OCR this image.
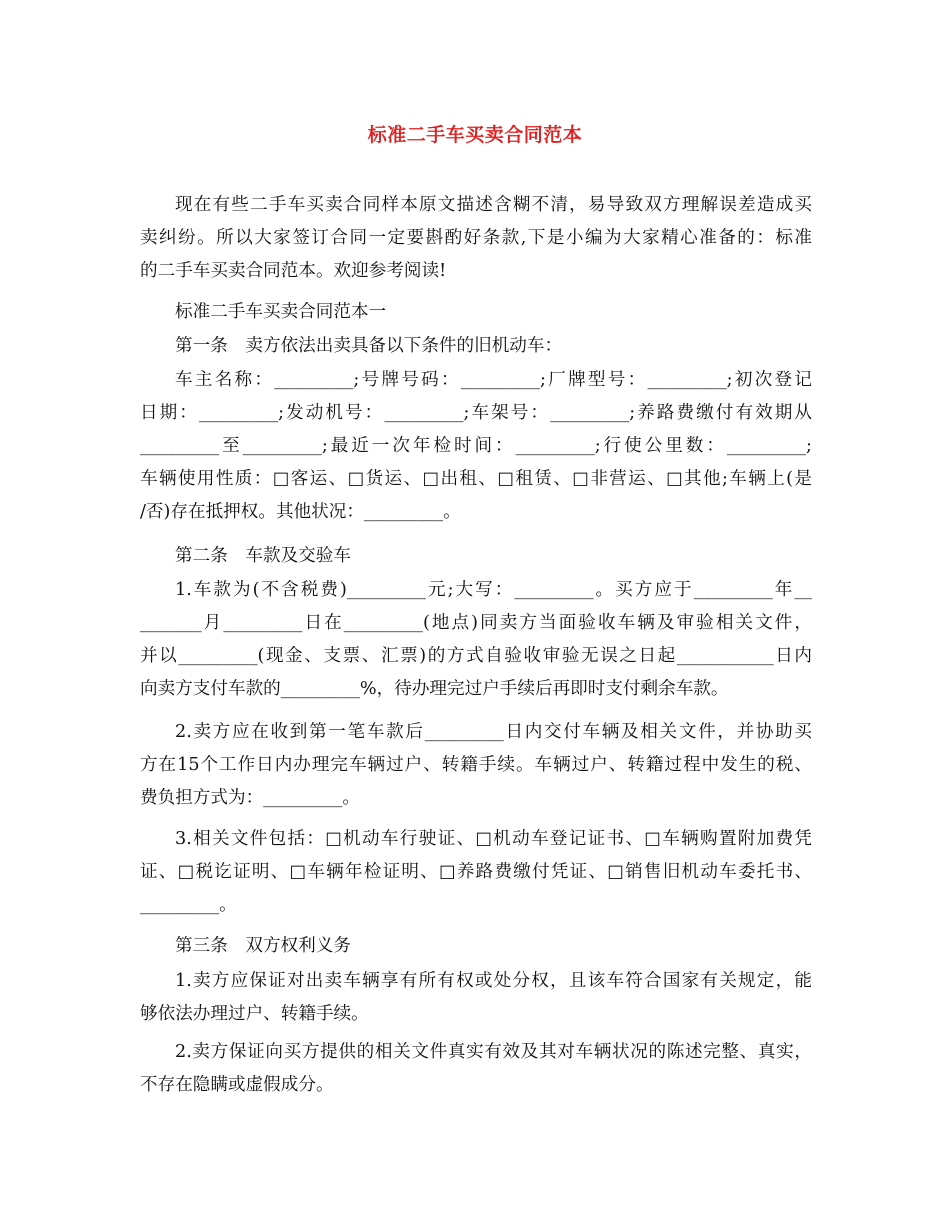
标准二手车买卖合同范本
现在有些二手车买卖合同样本原文描述含糊不清，易导致双方理解误差造成买
卖纠纷。所以大家签订合同一定要斟酌好条款,下是小编为大家精心准备的：标准
的二手车买卖合同范本。欢迎参考阅读!
标准二手车买卖合同范本一
第一条　卖方依法出卖具备以下条件的旧机动车：
车主名称：_________;号牌号码：_________;厂牌型号：_________;初次登记
日期：_________;发动机号：_________;车架号：_________;养路费缴付有效期从
_________至_________;最近一次年检时间：_________;行使公里数：_________;
车辆使用性质：□客运、□货运、□出租、□租赁、□非营运、□其他;车辆上(是
/否)存在抵押权。其他状况：_________。
第二条　车款及交验车
1.车款为(不含税费)_________元;大写：_________。买方应于_________年__
_______月_________日在_________(地点)同卖方当面验收车辆及审验相关文件，
并以_________(现金、支票、汇票)的方式自验收审验无误之日起___________日内
向卖方支付车款的_________%，待办理完过户手续后再即时支付剩余车款。
2.卖方应在收到第一笔车款后_________日内交付车辆及相关文件，并协助买
方在15个工作日内办理完车辆过户、转籍手续。车辆过户、转籍过程中发生的税、
费负担方式为：_________。
3.相关文件包括：□机动车行驶证、□机动车登记证书、□车辆购置附加费凭
证、□税讫证明、□车辆年检证明、□养路费缴付凭证、□销售旧机动车委托书、
_________。
第三条　双方权利义务
1.卖方应保证对出卖车辆享有所有权或处分权，且该车符合国家有关规定，能
够依法办理过户、转籍手续。
2.卖方保证向买方提供的相关文件真实有效及其对车辆状况的陈述完整、真实，
不存在隐瞒或虚假成分。
